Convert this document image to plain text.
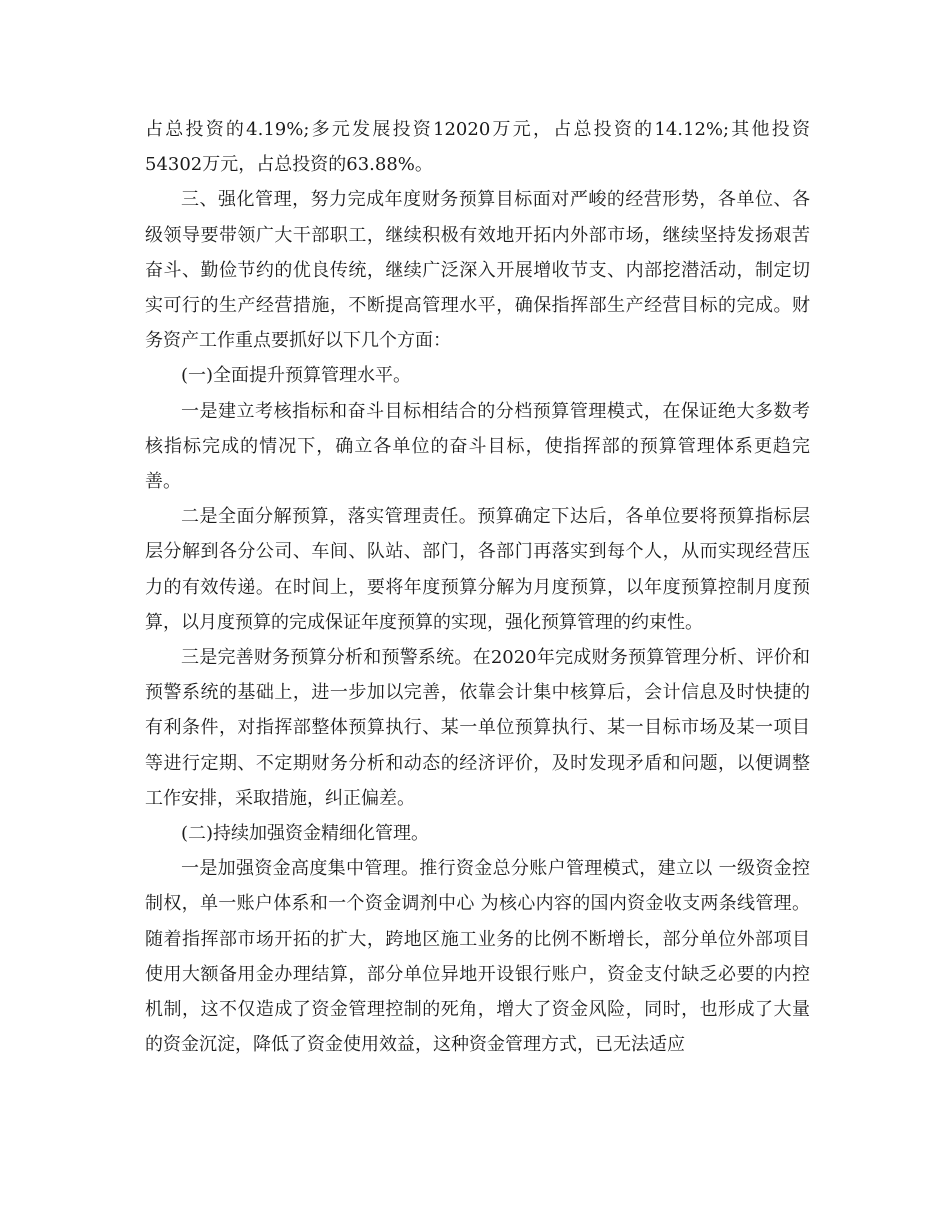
占总投资的4.19%;多元发展投资12020万元，占总投资的14.12%;其他投资54302万元，占总投资的63.88%。

三、强化管理，努力完成年度财务预算目标面对严峻的经营形势，各单位、各级领导要带领广大干部职工，继续积极有效地开拓内外部市场，继续坚持发扬艰苦奋斗、勤俭节约的优良传统，继续广泛深入开展增收节支、内部挖潜活动，制定切实可行的生产经营措施，不断提高管理水平，确保指挥部生产经营目标的完成。财务资产工作重点要抓好以下几个方面：

(一)全面提升预算管理水平。

一是建立考核指标和奋斗目标相结合的分档预算管理模式，在保证绝大多数考核指标完成的情况下，确立各单位的奋斗目标，使指挥部的预算管理体系更趋完善。

二是全面分解预算，落实管理责任。预算确定下达后，各单位要将预算指标层层分解到各分公司、车间、队站、部门，各部门再落实到每个人，从而实现经营压力的有效传递。在时间上，要将年度预算分解为月度预算，以年度预算控制月度预算，以月度预算的完成保证年度预算的实现，强化预算管理的约束性。

三是完善财务预算分析和预警系统。在2020年完成财务预算管理分析、评价和预警系统的基础上，进一步加以完善，依靠会计集中核算后，会计信息及时快捷的有利条件，对指挥部整体预算执行、某一单位预算执行、某一目标市场及某一项目等进行定期、不定期财务分析和动态的经济评价，及时发现矛盾和问题，以便调整工作安排，采取措施，纠正偏差。

(二)持续加强资金精细化管理。

一是加强资金高度集中管理。推行资金总分账户管理模式，建立以 一级资金控制权，单一账户体系和一个资金调剂中心 为核心内容的国内资金收支两条线管理。随着指挥部市场开拓的扩大，跨地区施工业务的比例不断增长，部分单位外部项目使用大额备用金办理结算，部分单位异地开设银行账户，资金支付缺乏必要的内控机制，这不仅造成了资金管理控制的死角，增大了资金风险，同时，也形成了大量的资金沉淀，降低了资金使用效益，这种资金管理方式，已无法适应
